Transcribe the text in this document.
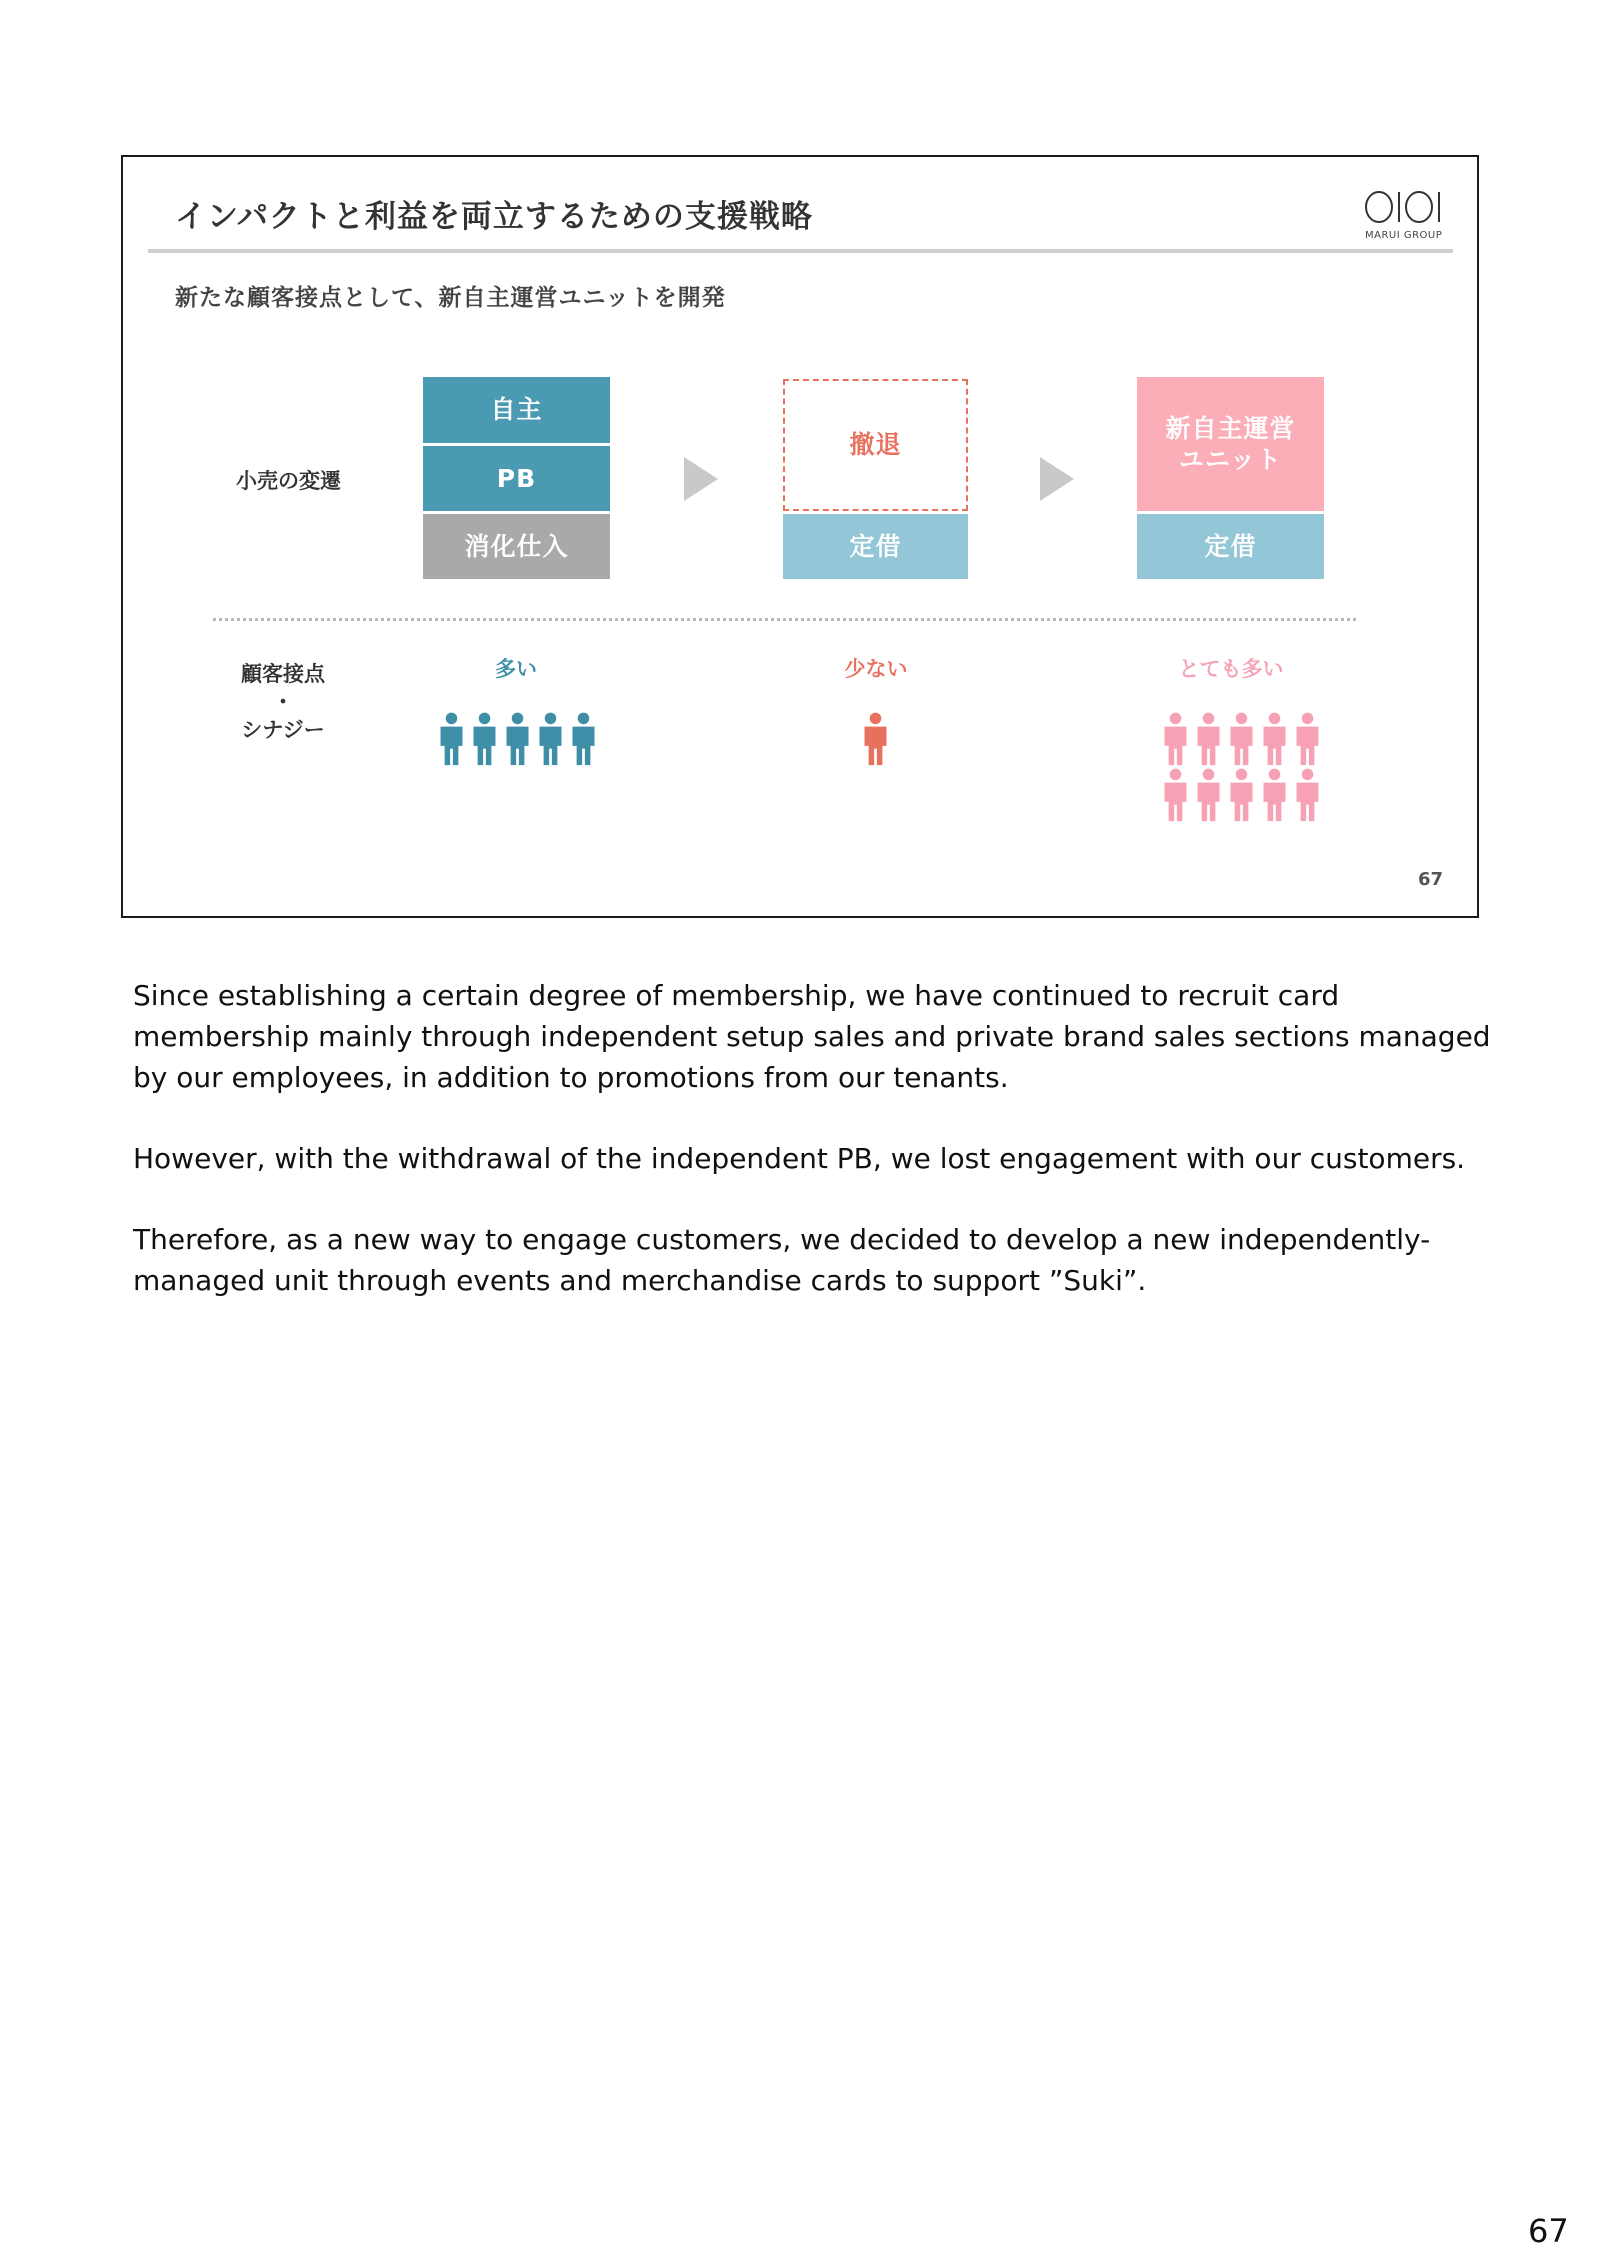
インパクトと利益を両立するための支援戦略
MARUI GROUP
新たな顧客接点として、新自主運営ユニットを開発
小売の変遷
自主
PB
消化仕入
撤退
定借
新自主運営
ユニット
定借
顧客接点
・
シナジー
多い	少ない	とても多い
67

Since establishing a certain degree of membership, we have continued to recruit card membership mainly through independent setup sales and private brand sales sections managed by our employees, in addition to promotions from our tenants.

However, with the withdrawal of the independent PB, we lost engagement with our customers.

Therefore, as a new way to engage customers, we decided to develop a new independently-managed unit through events and merchandise cards to support ”Suki”.

67
